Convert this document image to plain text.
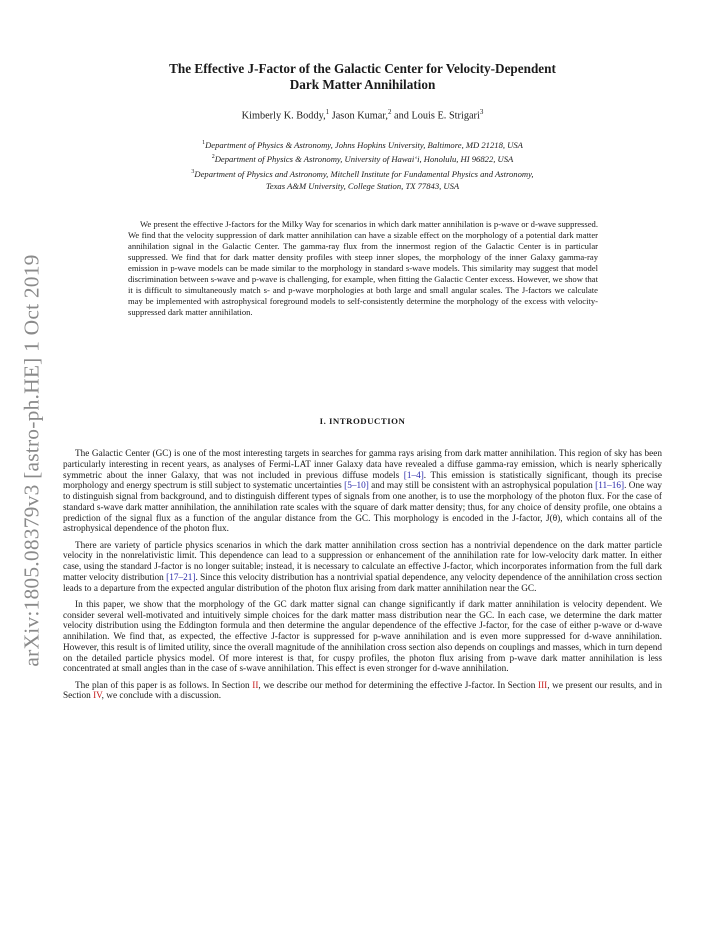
arXiv:1805.08379v3 [astro-ph.HE] 1 Oct 2019
The Effective J-Factor of the Galactic Center for Velocity-Dependent
Dark Matter Annihilation
Kimberly K. Boddy,$^1$ Jason Kumar,$^2$ and Louis E. Strigari$^3$
$^1$Department of Physics & Astronomy, Johns Hopkins University, Baltimore, MD 21218, USA
$^2$Department of Physics & Astronomy, University of Hawai‘i, Honolulu, HI 96822, USA
$^3$Department of Physics and Astronomy, Mitchell Institute for Fundamental Physics and Astronomy,
Texas A&M University, College Station, TX 77843, USA
We present the effective J-factors for the Milky Way for scenarios in which dark matter annihilation is p-wave or d-wave suppressed. We find that the velocity suppression of dark matter annihilation can have a sizable effect on the morphology of a potential dark matter annihilation signal in the Galactic Center. The gamma-ray flux from the innermost region of the Galactic Center is in particular suppressed. We find that for dark matter density profiles with steep inner slopes, the morphology of the inner Galaxy gamma-ray emission in p-wave models can be made similar to the morphology in standard s-wave models. This similarity may suggest that model discrimination between s-wave and p-wave is challenging, for example, when fitting the Galactic Center excess. However, we show that it is difficult to simultaneously match s- and p-wave morphologies at both large and small angular scales. The J-factors we calculate may be implemented with astrophysical foreground models to self-consistently determine the morphology of the excess with velocity-suppressed dark matter annihilation.
I. INTRODUCTION

The Galactic Center (GC) is one of the most interesting targets in searches for gamma rays arising from dark matter annihilation. This region of sky has been particularly interesting in recent years, as analyses of Fermi-LAT inner Galaxy data have revealed a diffuse gamma-ray emission, which is nearly spherically symmetric about the inner Galaxy, that was not included in previous diffuse models [1–4]. This emission is statistically significant, though its precise morphology and energy spectrum is still subject to systematic uncertainties [5–10] and may still be consistent with an astrophysical population [11–16]. One way to distinguish signal from background, and to distinguish different types of signals from one another, is to use the morphology of the photon flux. For the case of standard s-wave dark matter annihilation, the annihilation rate scales with the square of dark matter density; thus, for any choice of density profile, one obtains a prediction of the signal flux as a function of the angular distance from the GC. This morphology is encoded in the J-factor, J(θ), which contains all of the astrophysical dependence of the photon flux.

There are variety of particle physics scenarios in which the dark matter annihilation cross section has a nontrivial dependence on the dark matter particle velocity in the nonrelativistic limit. This dependence can lead to a suppression or enhancement of the annihilation rate for low-velocity dark matter. In either case, using the standard J-factor is no longer suitable; instead, it is necessary to calculate an effective J-factor, which incorporates information from the full dark matter velocity distribution [17–21]. Since this velocity distribution has a nontrivial spatial dependence, any velocity dependence of the annihilation cross section leads to a departure from the expected angular distribution of the photon flux arising from dark matter annihilation near the GC.

In this paper, we show that the morphology of the GC dark matter signal can change significantly if dark matter annihilation is velocity dependent. We consider several well-motivated and intuitively simple choices for the dark matter mass distribution near the GC. In each case, we determine the dark matter velocity distribution using the Eddington formula and then determine the angular dependence of the effective J-factor, for the case of either p-wave or d-wave annihilation. We find that, as expected, the effective J-factor is suppressed for p-wave annihilation and is even more suppressed for d-wave annihilation. However, this result is of limited utility, since the overall magnitude of the annihilation cross section also depends on couplings and masses, which in turn depend on the detailed particle physics model. Of more interest is that, for cuspy profiles, the photon flux arising from p-wave dark matter annihilation is less concentrated at small angles than in the case of s-wave annihilation. This effect is even stronger for d-wave annihilation.

The plan of this paper is as follows. In Section II, we describe our method for determining the effective J-factor. In Section III, we present our results, and in Section IV, we conclude with a discussion.
